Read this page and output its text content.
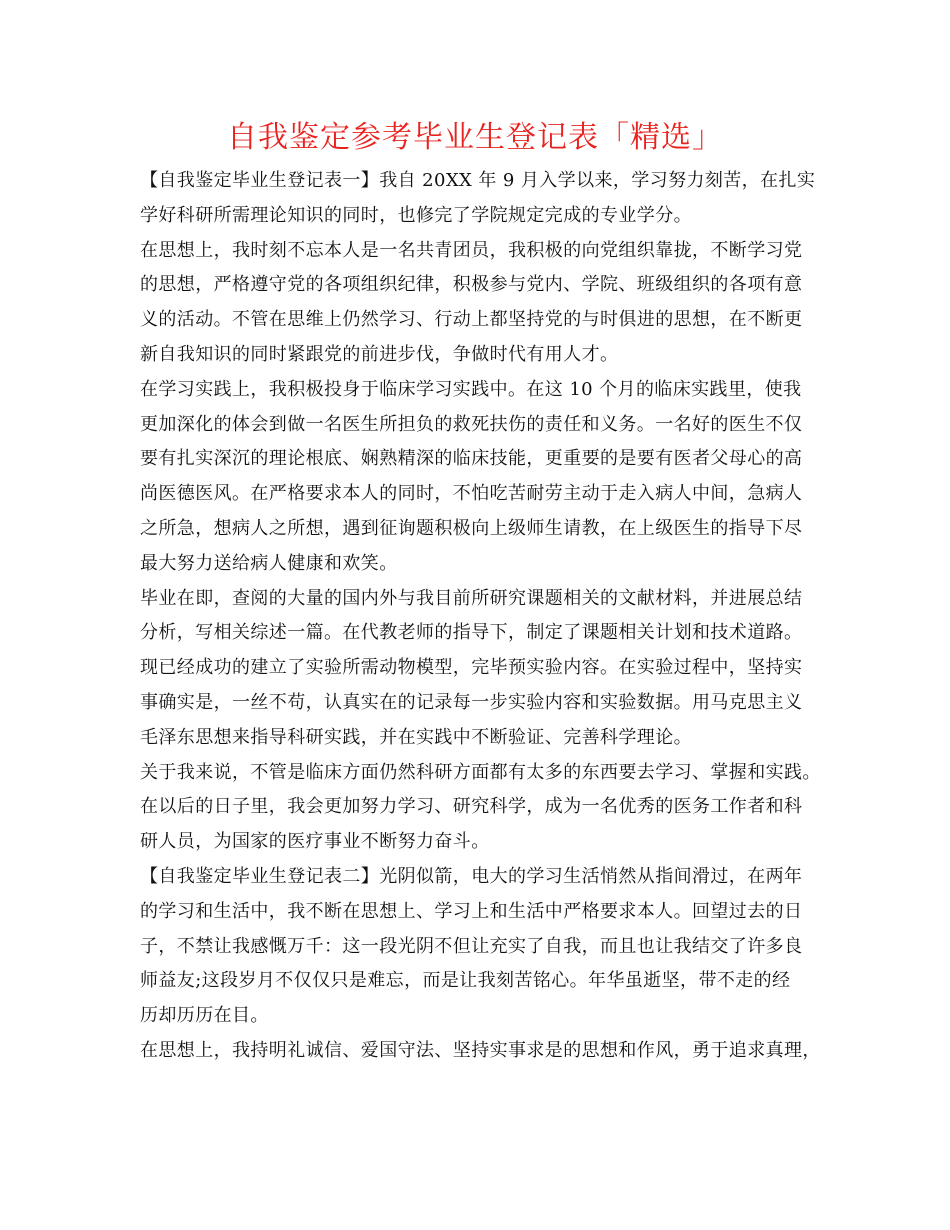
自我鉴定参考毕业生登记表「精选」
【自我鉴定毕业生登记表一】我自 20XX 年 9 月入学以来，学习努力刻苦，在扎实
学好科研所需理论知识的同时，也修完了学院规定完成的专业学分。
在思想上，我时刻不忘本人是一名共青团员，我积极的向党组织靠拢，不断学习党
的思想，严格遵守党的各项组织纪律，积极参与党内、学院、班级组织的各项有意
义的活动。不管在思维上仍然学习、行动上都坚持党的与时俱进的思想，在不断更
新自我知识的同时紧跟党的前进步伐，争做时代有用人才。
在学习实践上，我积极投身于临床学习实践中。在这 10 个月的临床实践里，使我
更加深化的体会到做一名医生所担负的救死扶伤的责任和义务。一名好的医生不仅
要有扎实深沉的理论根底、娴熟精深的临床技能，更重要的是要有医者父母心的高
尚医德医风。在严格要求本人的同时，不怕吃苦耐劳主动于走入病人中间，急病人
之所急，想病人之所想，遇到征询题积极向上级师生请教，在上级医生的指导下尽
最大努力送给病人健康和欢笑。
毕业在即，查阅的大量的国内外与我目前所研究课题相关的文献材料，并进展总结
分析，写相关综述一篇。在代教老师的指导下，制定了课题相关计划和技术道路。
现已经成功的建立了实验所需动物模型，完毕预实验内容。在实验过程中，坚持实
事确实是，一丝不苟，认真实在的记录每一步实验内容和实验数据。用马克思主义
毛泽东思想来指导科研实践，并在实践中不断验证、完善科学理论。
关于我来说，不管是临床方面仍然科研方面都有太多的东西要去学习、掌握和实践。
在以后的日子里，我会更加努力学习、研究科学，成为一名优秀的医务工作者和科
研人员，为国家的医疗事业不断努力奋斗。
【自我鉴定毕业生登记表二】光阴似箭，电大的学习生活悄然从指间滑过，在两年
的学习和生活中，我不断在思想上、学习上和生活中严格要求本人。回望过去的日
子，不禁让我感慨万千：这一段光阴不但让充实了自我，而且也让我结交了许多良
师益友;这段岁月不仅仅只是难忘，而是让我刻苦铭心。年华虽逝坚，带不走的经
历却历历在目。
在思想上，我持明礼诚信、爱国守法、坚持实事求是的思想和作风，勇于追求真理，
